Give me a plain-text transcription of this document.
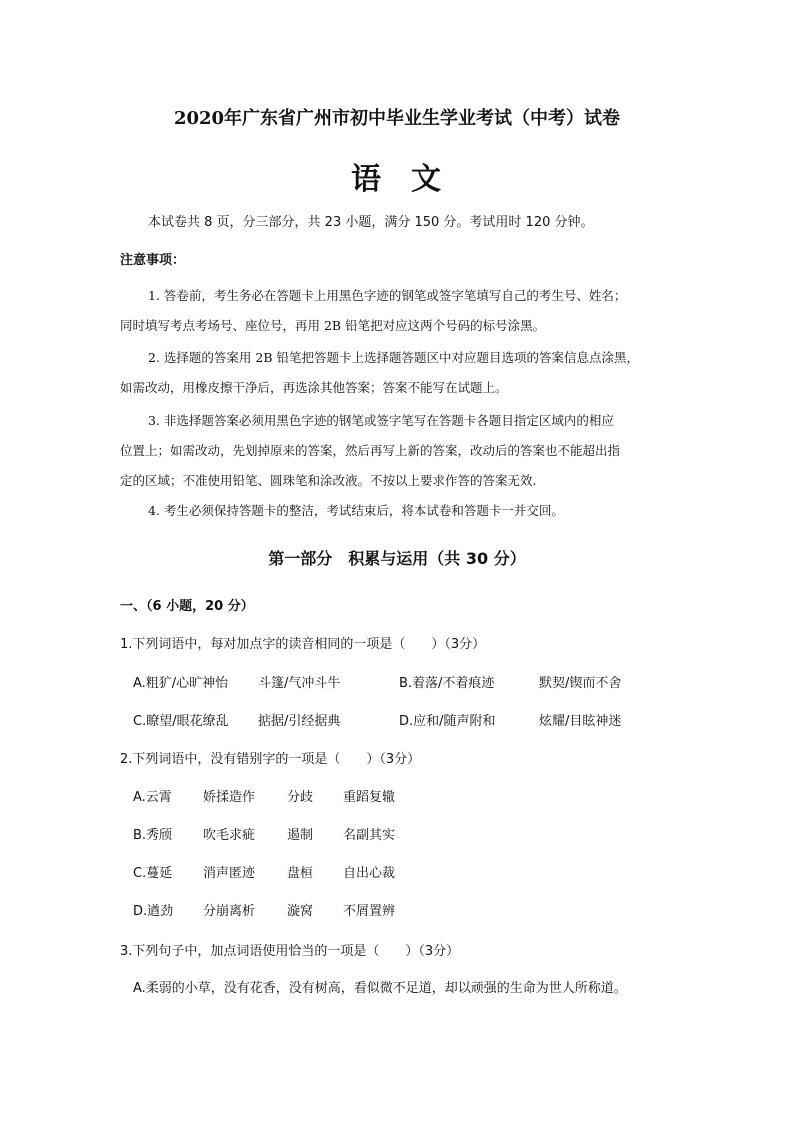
2020年广东省广州市初中毕业生学业考试（中考）试卷
语 文
本试卷共 8 页，分三部分，共 23 小题，满分 150 分。考试用时 120 分钟。
注意事项：
1. 答卷前，考生务必在答题卡上用黑色字迹的钢笔或签字笔填写自己的考生号、姓名；
同时填写考点考场号、座位号，再用 2B 铅笔把对应这两个号码的标号涂黑。
2. 选择题的答案用 2B 铅笔把答题卡上选择题答题区中对应题目选项的答案信息点涂黑，
如需改动，用橡皮擦干净后，再选涂其他答案；答案不能写在试题上。
3. 非选择题答案必须用黑色字迹的钢笔或签字笔写在答题卡各题目指定区域内的相应
位置上；如需改动，先划掉原来的答案，然后再写上新的答案，改动后的答案也不能超出指
定的区域；不准使用铅笔、圆珠笔和涂改液。不按以上要求作答的答案无效.
4. 考生必须保持答题卡的整洁，考试结束后，将本试卷和答题卡一并交回。
第一部分　积累与运用（共 30 分）
一、（6 小题，20 分）
1.下列词语中，每对加点字的读音相同的一项是（　　）（3分）
A.粗犷/心旷神怡 斗篷/气冲斗牛	B.着落/不着痕迹	默契/锲而不舍
C.瞭望/眼花缭乱 掂据/引经据典	D.应和/随声附和	炫耀/目眩神迷
2.下列词语中，没有错别字的一项是（　　）（3分）
A.云霄 娇揉造作 分歧 重蹈复辙
B.秀颀 吹毛求疵 遏制 名副其实
C.蔓延 消声匿迹 盘桓 自出心裁
D.遒劲 分崩离析 漩窝 不屑置辨
3.下列句子中，加点词语使用恰当的一项是（　　）（3分）
A.柔弱的小草，没有花香，没有树高，看似微不足道，却以顽强的生命为世人所称道。
